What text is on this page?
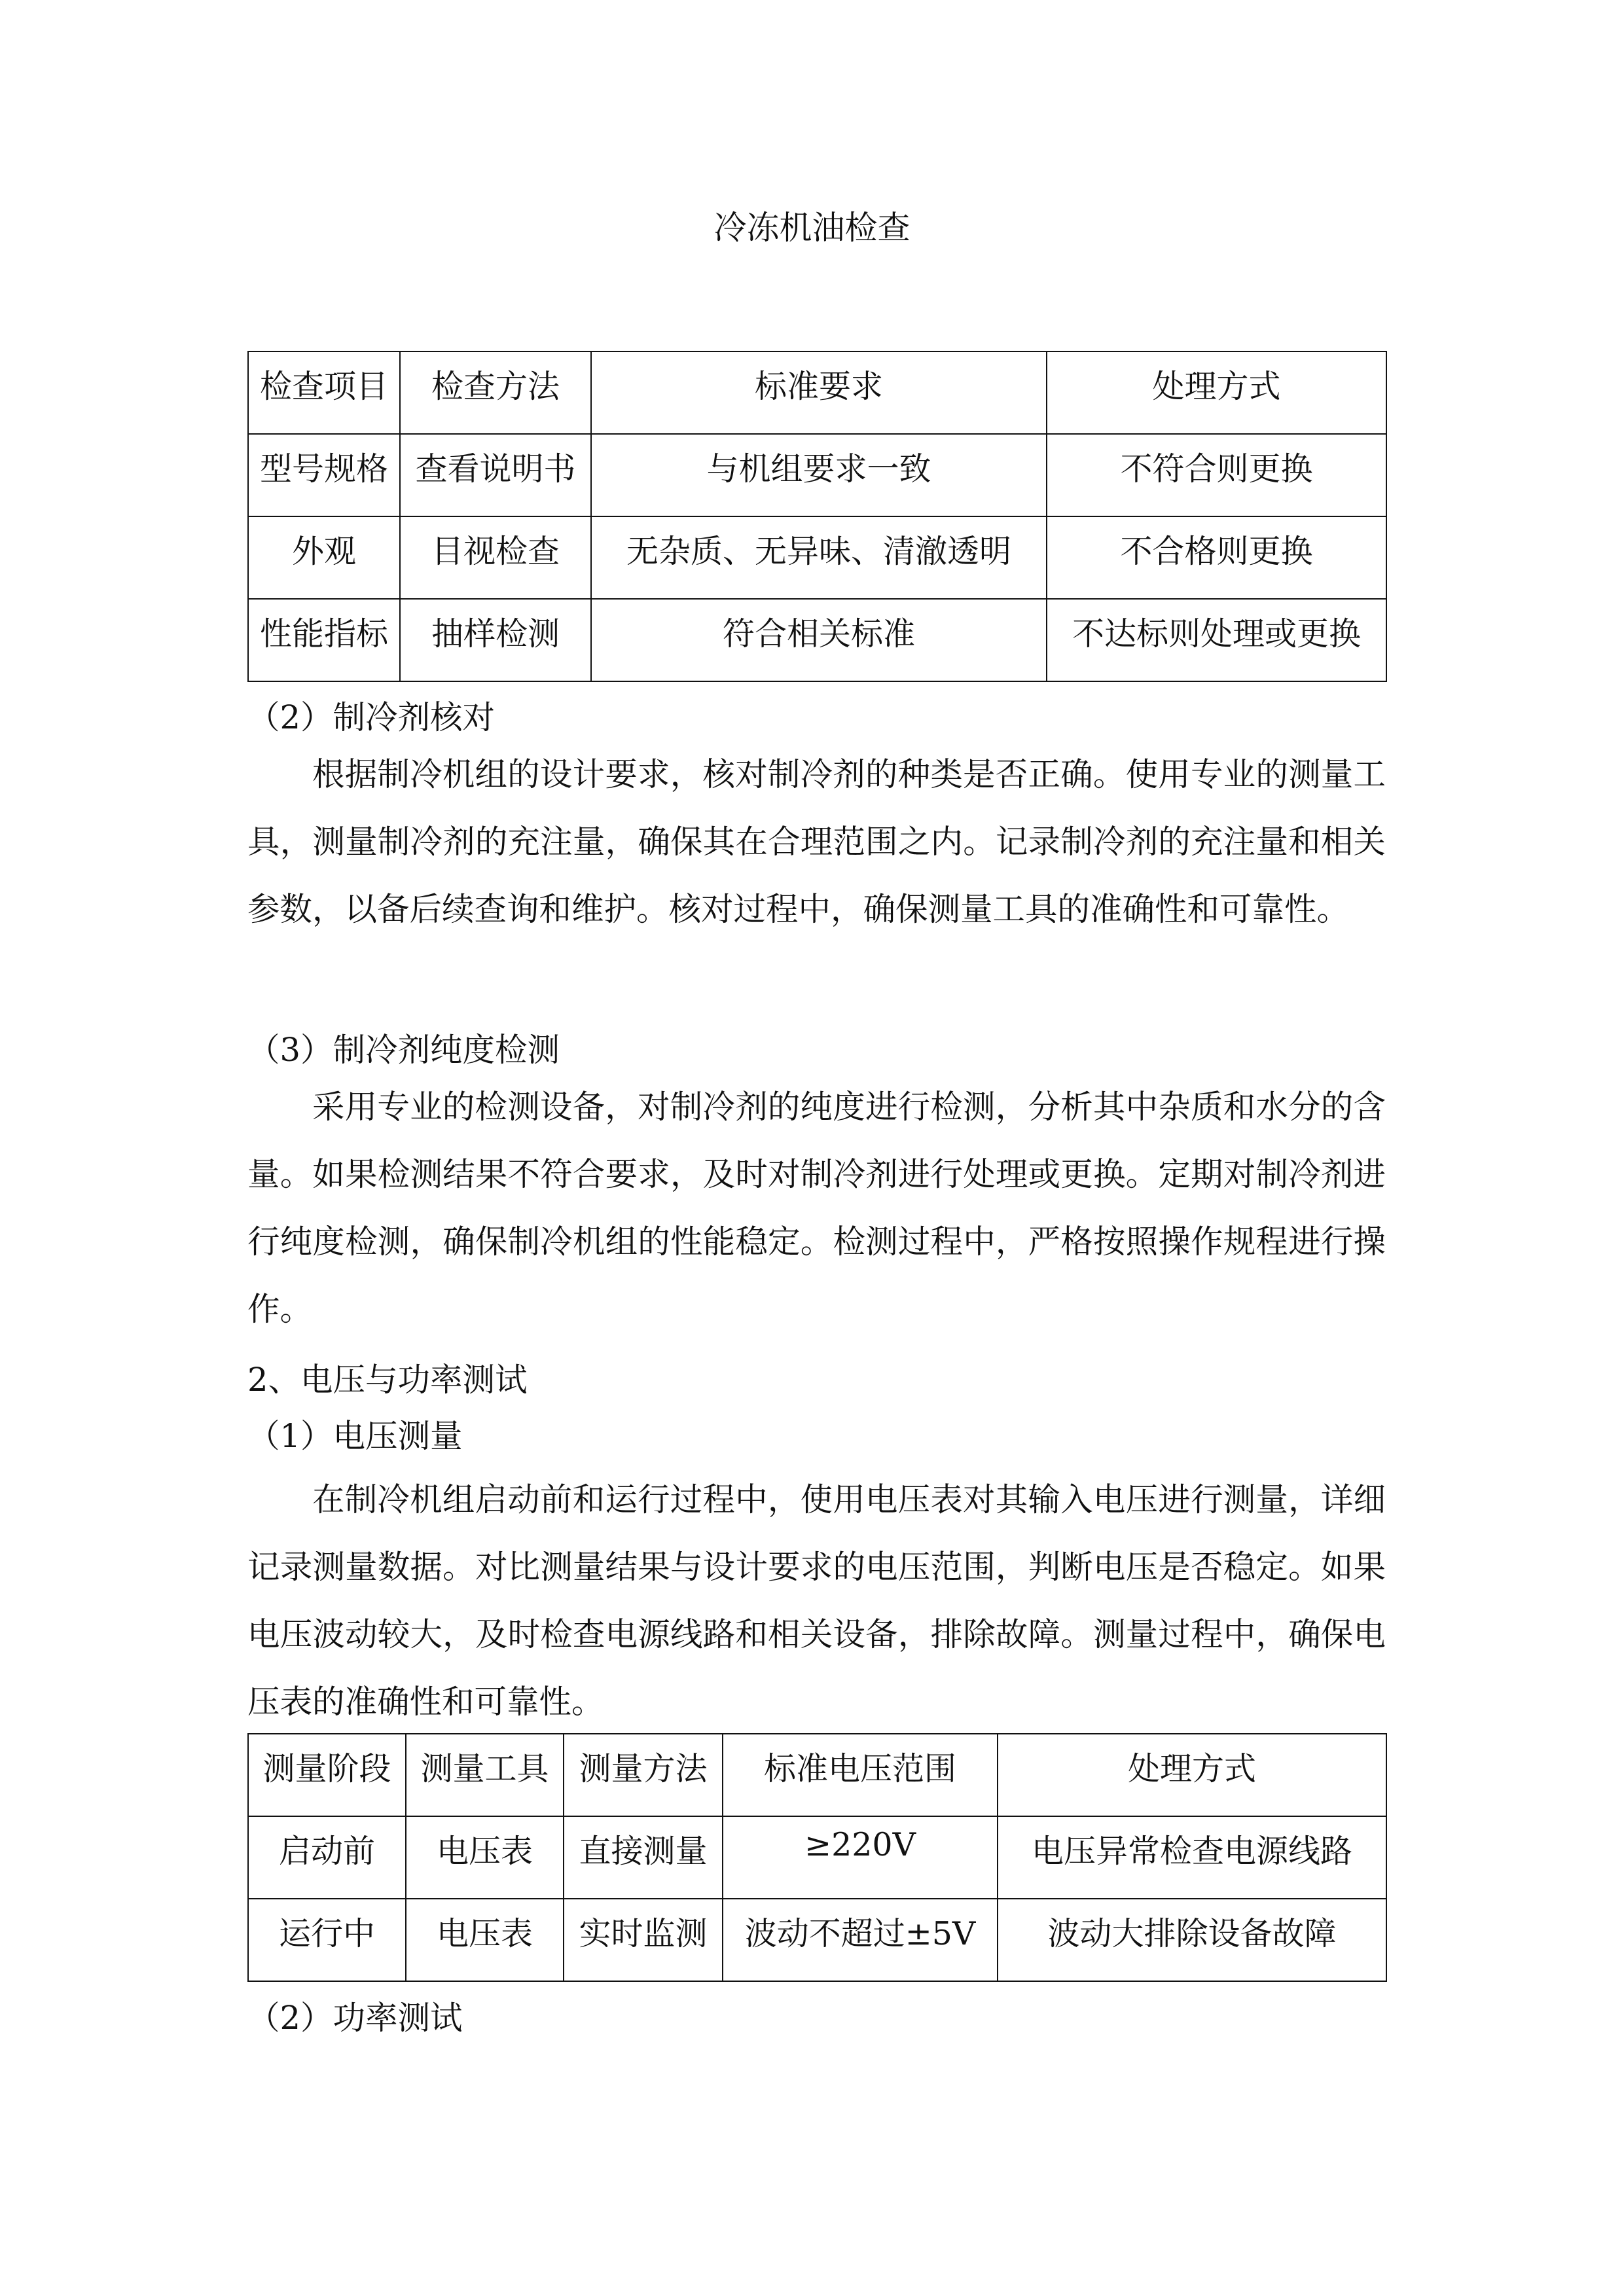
冷冻机油检查
检查项目	检查方法	标准要求	处理方式
型号规格	查看说明书	与机组要求一致	不符合则更换
外观	目视检查	无杂质、无异味、清澈透明	不合格则更换
性能指标	抽样检测	符合相关标准	不达标则处理或更换
（2）制冷剂核对
根据制冷机组的设计要求，核对制冷剂的种类是否正确。使用专业的测量工具，测量制冷剂的充注量，确保其在合理范围之内。记录制冷剂的充注量和相关参数，以备后续查询和维护。核对过程中，确保测量工具的准确性和可靠性。
（3）制冷剂纯度检测
采用专业的检测设备，对制冷剂的纯度进行检测，分析其中杂质和水分的含量。如果检测结果不符合要求，及时对制冷剂进行处理或更换。定期对制冷剂进行纯度检测，确保制冷机组的性能稳定。检测过程中，严格按照操作规程进行操作。
2、电压与功率测试
（1）电压测量
在制冷机组启动前和运行过程中，使用电压表对其输入电压进行测量，详细记录测量数据。对比测量结果与设计要求的电压范围，判断电压是否稳定。如果电压波动较大，及时检查电源线路和相关设备，排除故障。测量过程中，确保电压表的准确性和可靠性。
测量阶段	测量工具	测量方法	标准电压范围	处理方式
启动前	电压表	直接测量	≥220V	电压异常检查电源线路
运行中	电压表	实时监测	波动不超过±5V	波动大排除设备故障
（2）功率测试
